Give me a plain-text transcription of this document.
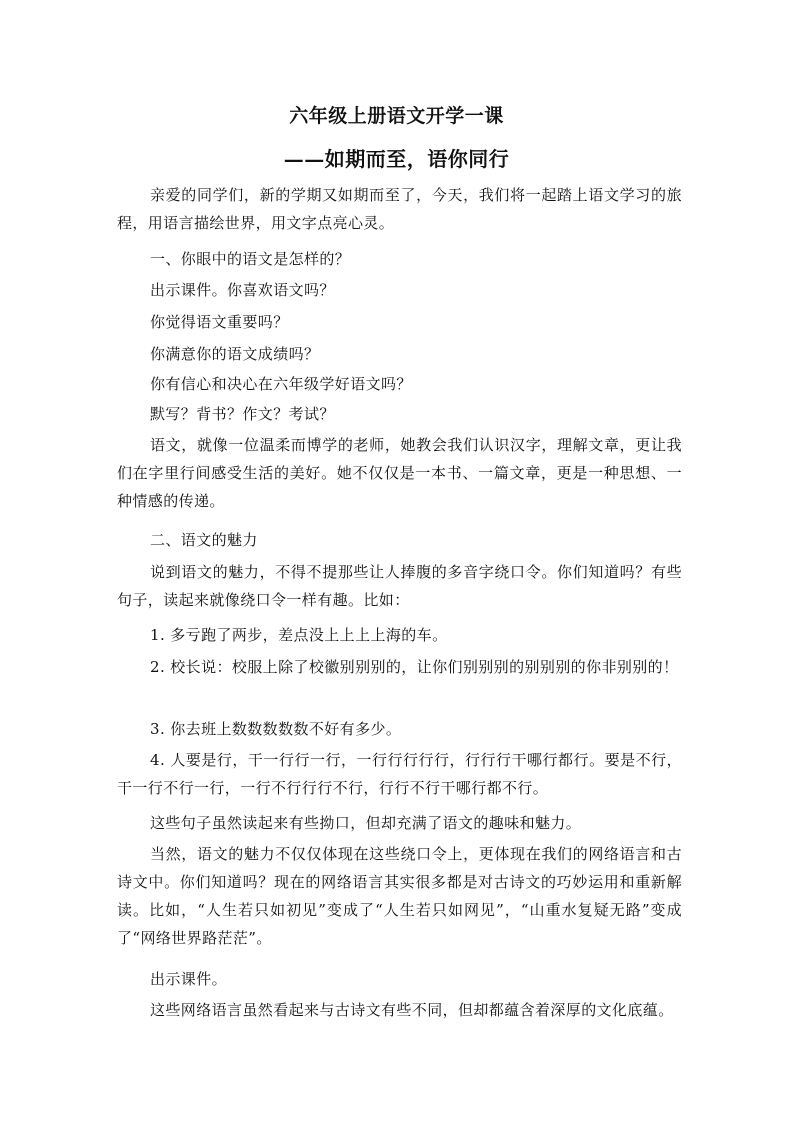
六年级上册语文开学一课
——如期而至，语你同行

亲爱的同学们，新的学期又如期而至了，今天，我们将一起踏上语文学习的旅程，用语言描绘世界，用文字点亮心灵。

一、你眼中的语文是怎样的？

出示课件。你喜欢语文吗？

你觉得语文重要吗？

你满意你的语文成绩吗？

你有信心和决心在六年级学好语文吗？

默写？背书？作文？考试？

语文，就像一位温柔而博学的老师，她教会我们认识汉字，理解文章，更让我们在字里行间感受生活的美好。她不仅仅是一本书、一篇文章，更是一种思想、一种情感的传递。

二、语文的魅力

说到语文的魅力，不得不提那些让人捧腹的多音字绕口令。你们知道吗？有些句子，读起来就像绕口令一样有趣。比如：

1. 多亏跑了两步，差点没上上上上海的车。

2. 校长说：校服上除了校徽别别别的，让你们别别别的别别别的你非别别的！

3. 你去班上数数数数数不好有多少。

4. 人要是行，干一行行一行，一行行行行行，行行行干哪行都行。要是不行，干一行不行一行，一行不行行行不行，行行不行干哪行都不行。

这些句子虽然读起来有些拗口，但却充满了语文的趣味和魅力。

当然，语文的魅力不仅仅体现在这些绕口令上，更体现在我们的网络语言和古诗文中。你们知道吗？现在的网络语言其实很多都是对古诗文的巧妙运用和重新解读。比如，“人生若只如初见”变成了“人生若只如网见”，“山重水复疑无路”变成了“网络世界路茫茫”。

出示课件。

这些网络语言虽然看起来与古诗文有些不同，但却都蕴含着深厚的文化底蕴。
